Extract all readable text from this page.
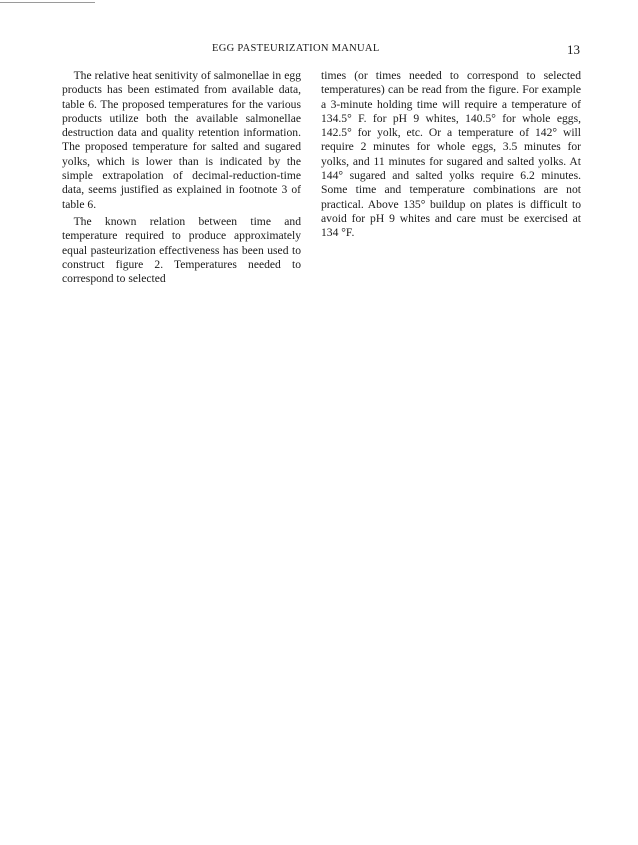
EGG PASTEURIZATION MANUAL	13

The relative heat senitivity of salmonellae in egg products has been estimated from available data, table 6. The proposed temperatures for the various products utilize both the available salmonellae destruction data and quality retention information. The proposed temperature for salted and sugared yolks, which is lower than is indicated by the simple extrapolation of decimal-reduction-time data, seems justified as explained in footnote 3 of table 6.

The known relation between time and temperature required to produce approximately equal pasteurization effectiveness has been used to construct figure 2. Temperatures needed to correspond to selected

times (or times needed to correspond to selected temperatures) can be read from the figure. For example a 3-minute holding time will require a temperature of 134.5° F. for pH 9 whites, 140.5° for whole eggs, 142.5° for yolk, etc. Or a temperature of 142° will require 2 minutes for whole eggs, 3.5 minutes for yolks, and 11 minutes for sugared and salted yolks. At 144° sugared and salted yolks require 6.2 minutes. Some time and temperature combinations are not practical. Above 135° buildup on plates is difficult to avoid for pH 9 whites and care must be exercised at 134 °F.
